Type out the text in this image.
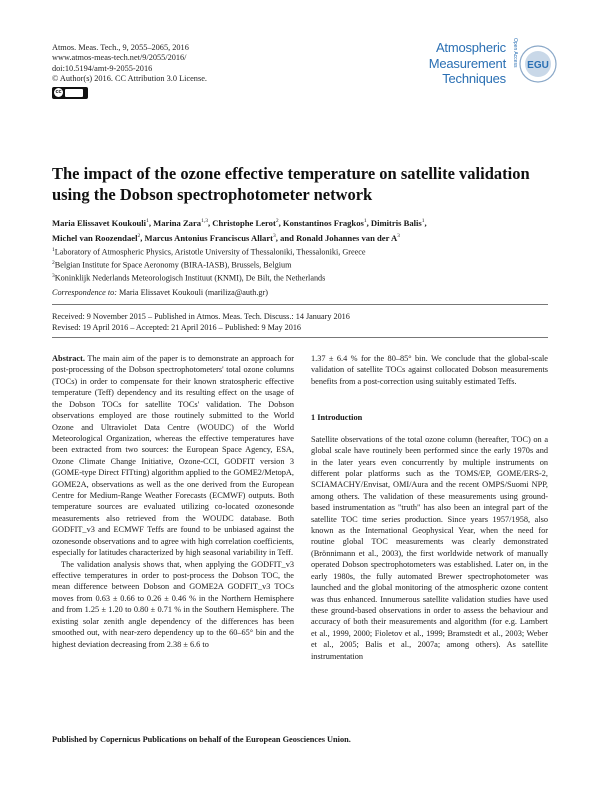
Atmos. Meas. Tech., 9, 2055–2065, 2016
www.atmos-meas-tech.net/9/2055/2016/
doi:10.5194/amt-9-2055-2016
© Author(s) 2016. CC Attribution 3.0 License.
cc
Atmospheric
Measurement
Techniques
Open Access EGU
The impact of the ozone effective temperature on satellite validation using the Dobson spectrophotometer network
Maria Elissavet Koukouli$^1$, Marina Zara$^{1,3}$, Christophe Lerot$^2$, Konstantinos Fragkos$^1$, Dimitris Balis$^1$,
Michel van Roozendael$^2$, Marcus Antonius Franciscus Allart$^3$, and Ronald Johannes van der $A^3$
$^1$Laboratory of Atmospheric Physics, Aristotle University of Thessaloniki, Thessaloniki, Greece
$^2$Belgian Institute for Space Aeronomy (BIRA-IASB), Brussels, Belgium
$^3$Koninklijk Nederlands Meteorologisch Instituut (KNMI), De Bilt, the Netherlands
Correspondence to: Maria Elissavet Koukouli (mariliza@auth.gr)
Received: 9 November 2015 – Published in Atmos. Meas. Tech. Discuss.: 14 January 2016
Revised: 19 April 2016 – Accepted: 21 April 2016 – Published: 9 May 2016

Abstract. The main aim of the paper is to demonstrate an approach for post-processing of the Dobson spectrophotometers' total ozone columns (TOCs) in order to compensate for their known stratospheric effective temperature (Teff) dependency and its resulting effect on the usage of the Dobson TOCs for satellite TOCs' validation. The Dobson observations employed are those routinely submitted to the World Ozone and Ultraviolet Data Centre (WOUDC) of the World Meteorological Organization, whereas the effective temperatures have been extracted from two sources: the European Space Agency, ESA, Ozone Climate Change Initiative, Ozone-CCI, GODFIT version 3 (GOME-type Direct FITting) algorithm applied to the GOME2/MetopA, GOME2A, observations as well as the one derived from the European Centre for Medium-Range Weather Forecasts (ECMWF) outputs. Both temperature sources are evaluated utilizing co-located ozonesonde measurements also retrieved from the WOUDC database. Both GODFIT_v3 and ECMWF Teffs are found to be unbiased against the ozonesonde observations and to agree with high correlation coefficients, especially for latitudes characterized by high seasonal variability in Teff.

The validation analysis shows that, when applying the GODFIT_v3 effective temperatures in order to post-process the Dobson TOC, the mean difference between Dobson and GOME2A GODFIT_v3 TOCs moves from 0.63 ± 0.66 to 0.26 ± 0.46 % in the Northern Hemisphere and from 1.25 ± 1.20 to 0.80 ± 0.71 % in the Southern Hemisphere. The existing solar zenith angle dependency of the differences has been smoothed out, with near-zero dependency up to the 60–65° bin and the highest deviation decreasing from 2.38 ± 6.6 to

1.37 ± 6.4 % for the 80–85° bin. We conclude that the global-scale validation of satellite TOCs against collocated Dobson measurements benefits from a post-correction using suitably estimated Teffs.

1 Introduction

Satellite observations of the total ozone column (hereafter, TOC) on a global scale have routinely been performed since the early 1970s and in the later years even concurrently by multiple instruments on different polar platforms such as the TOMS/EP, GOME/ERS-2, SCIAMACHY/Envisat, OMI/Aura and the recent OMPS/Suomi NPP, among others. The validation of these measurements using ground-based instrumentation as "truth" has also been an integral part of the satellite TOC time series production. Since years 1957/1958, also known as the International Geophysical Year, when the need for routine global TOC measurements was clearly demonstrated (Brönnimann et al., 2003), the first worldwide network of manually operated Dobson spectrophotometers was established. Later on, in the early 1980s, the fully automated Brewer spectrophotometer was launched and the global monitoring of the atmospheric ozone content was thus enhanced. Innumerous satellite validation studies have used these ground-based observations in order to assess the behaviour and accuracy of both their measurements and algorithm (for e.g. Lambert et al., 1999, 2000; Fioletov et al., 1999; Bramstedt et al., 2003; Weber et al., 2005; Balis et al., 2007a; among others). As satellite instrumentation

Published by Copernicus Publications on behalf of the European Geosciences Union.
